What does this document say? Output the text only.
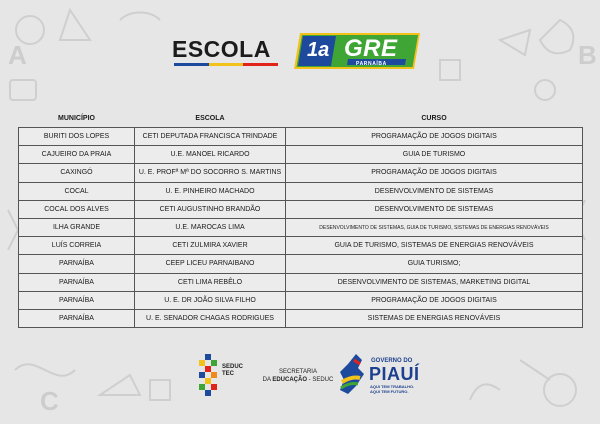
A	B
C
ESCOLA 1a GRE
PARNAÍBA
MUNICÍPIO	ESCOLA	CURSO
BURITI DOS LOPES	CETI DEPUTADA FRANCISCA TRINDADE	PROGRAMAÇÃO DE JOGOS DIGITAIS
CAJUEIRO DA PRAIA	U.E. MANOEL RICARDO	GUIA DE TURISMO
CAXINGÓ	U. E. PROFª Mª DO SOCORRO S. MARTINS	PROGRAMAÇÃO DE JOGOS DIGITAIS
COCAL	U. E. PINHEIRO MACHADO	DESENVOLVIMENTO DE SISTEMAS
COCAL DOS ALVES	CETI AUGUSTINHO BRANDÃO	DESENVOLVIMENTO DE SISTEMAS
ILHA GRANDE	U.E. MAROCAS LIMA	DESENVOLVIMENTO DE SISTEMAS, GUIA DE TURISMO, SISTEMAS DE ENERGIAS RENOVÁVEIS
LUÍS CORREIA	CETI ZULMIRA XAVIER	GUIA DE TURISMO, SISTEMAS DE ENERGIAS RENOVÁVEIS
PARNAÍBA	CEEP LICEU PARNAIBANO	GUIA TURISMO;
PARNAÍBA	CETI LIMA REBÊLO	DESENVOLVIMENTO DE SISTEMAS, MARKETING DIGITAL
PARNAÍBA	U. E. DR JOÃO SILVA FILHO	PROGRAMAÇÃO DE JOGOS DIGITAIS
PARNAÍBA	U. E. SENADOR CHAGAS RODRIGUES	SISTEMAS DE ENERGIAS RENOVÁVEIS
SEDUC
TEC	SECRETARIA
DA EDUCAÇÃO - SEDUC
GOVERNO DO
PIAUÍ
AQUI TEM TRABALHO.
AQUI TEM FUTURO.
